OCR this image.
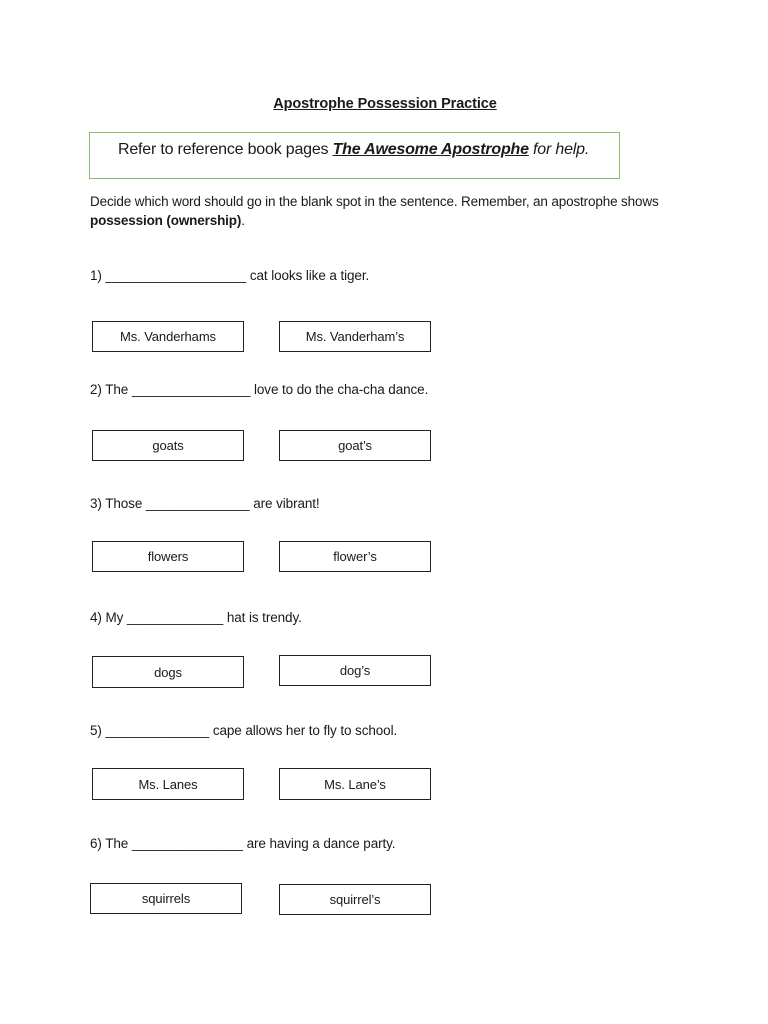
Apostrophe Possession Practice
Refer to reference book pages The Awesome Apostrophe for help.
Decide which word should go in the blank spot in the sentence. Remember, an apostrophe shows possession (ownership).
1) ___________________ cat looks like a tiger.
Ms. Vanderhams	Ms. Vanderham’s
2) The ________________ love to do the cha-cha dance.
goats	goat’s
3) Those ______________ are vibrant!
flowers	flower’s
4) My _____________ hat is trendy.
dogs	dog’s
5) ______________ cape allows her to fly to school.
Ms. Lanes	Ms. Lane’s
6) The _______________ are having a dance party.
squirrels	squirrel’s
